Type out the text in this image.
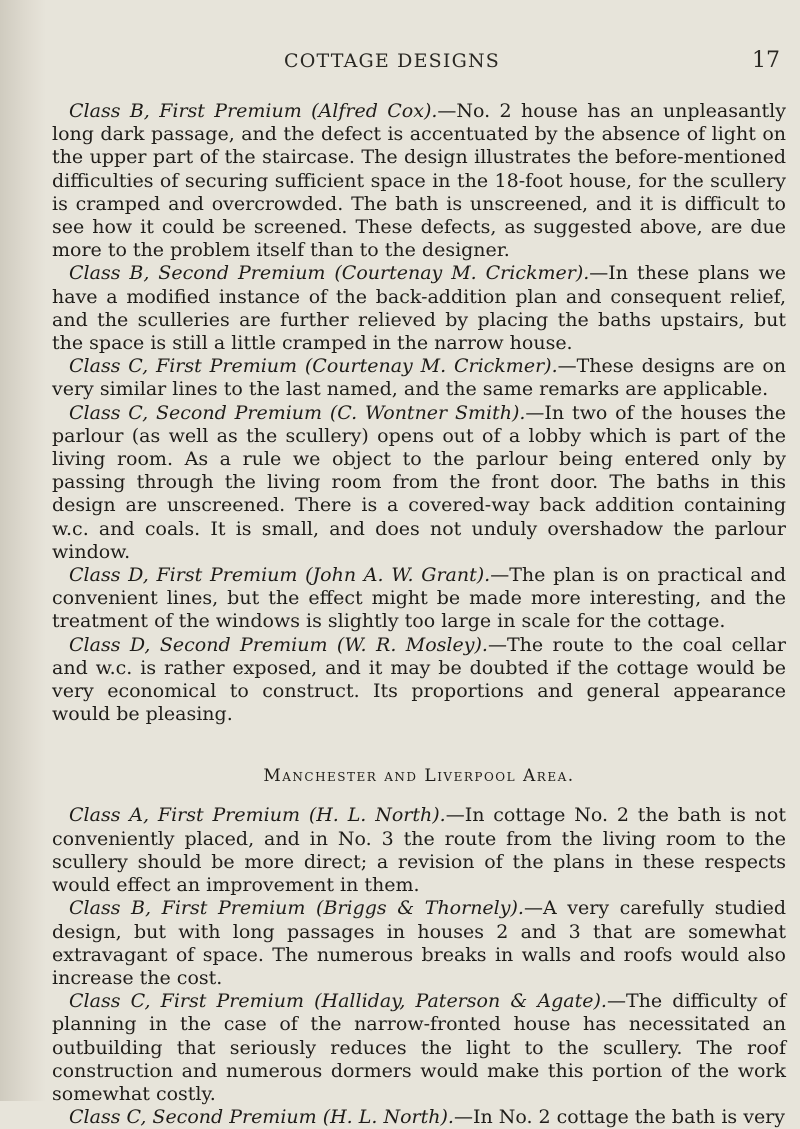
COTTAGE DESIGNS	17

Class B, First Premium (Alfred Cox).—No. 2 house has an unpleasantly long dark passage, and the defect is accentuated by the absence of light on the upper part of the staircase. The design illustrates the before-mentioned difficulties of securing sufficient space in the 18-foot house, for the scullery is cramped and overcrowded. The bath is unscreened, and it is difficult to see how it could be screened. These defects, as suggested above, are due more to the problem itself than to the designer.

Class B, Second Premium (Courtenay M. Crickmer).—In these plans we have a modified instance of the back-addition plan and consequent relief, and the sculleries are further relieved by placing the baths upstairs, but the space is still a little cramped in the narrow house.

Class C, First Premium (Courtenay M. Crickmer).—These designs are on very similar lines to the last named, and the same remarks are applicable.

Class C, Second Premium (C. Wontner Smith).—In two of the houses the parlour (as well as the scullery) opens out of a lobby which is part of the living room. As a rule we object to the parlour being entered only by passing through the living room from the front door. The baths in this design are unscreened. There is a covered-way back addition containing w.c. and coals. It is small, and does not unduly overshadow the parlour window.

Class D, First Premium (John A. W. Grant).—The plan is on practical and convenient lines, but the effect might be made more interesting, and the treatment of the windows is slightly too large in scale for the cottage.

Class D, Second Premium (W. R. Mosley).—The route to the coal cellar and w.c. is rather exposed, and it may be doubted if the cottage would be very economical to construct. Its proportions and general appearance would be pleasing.

Manchester and Liverpool Area.

Class A, First Premium (H. L. North).—In cottage No. 2 the bath is not conveniently placed, and in No. 3 the route from the living room to the scullery should be more direct; a revision of the plans in these respects would effect an improvement in them.

Class B, First Premium (Briggs & Thornely).—A very carefully studied design, but with long passages in houses 2 and 3 that are somewhat extravagant of space. The numerous breaks in walls and roofs would also increase the cost.

Class C, First Premium (Halliday, Paterson & Agate).—The difficulty of planning in the case of the narrow-fronted house has necessitated an outbuilding that seriously reduces the light to the scullery. The roof construction and numerous dormers would make this portion of the work somewhat costly.

Class C, Second Premium (H. L. North).—In No. 2 cottage the bath is very
